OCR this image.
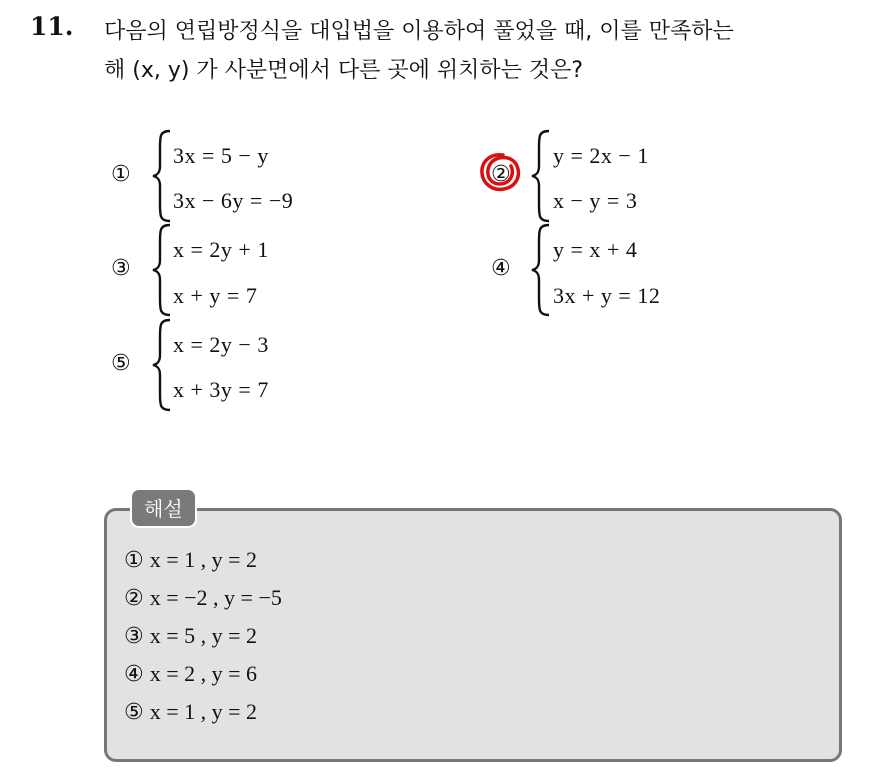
11. 다음의 연립방정식을 대입법을 이용하여 풀었을 때, 이를 만족하는
해 (x, y) 가 사분면에서 다른 곳에 위치하는 것은?
①
3x = 5 − y
3x − 6y = −9
②
y = 2x − 1
x − y = 3
③
x = 2y + 1
x + y = 7
④
y = x + 4
3x + y = 12
⑤
x = 2y − 3
x + 3y = 7
해설
① x = 1 , y = 2
② x = −2 , y = −5
③ x = 5 , y = 2
④ x = 2 , y = 6
⑤ x = 1 , y = 2
